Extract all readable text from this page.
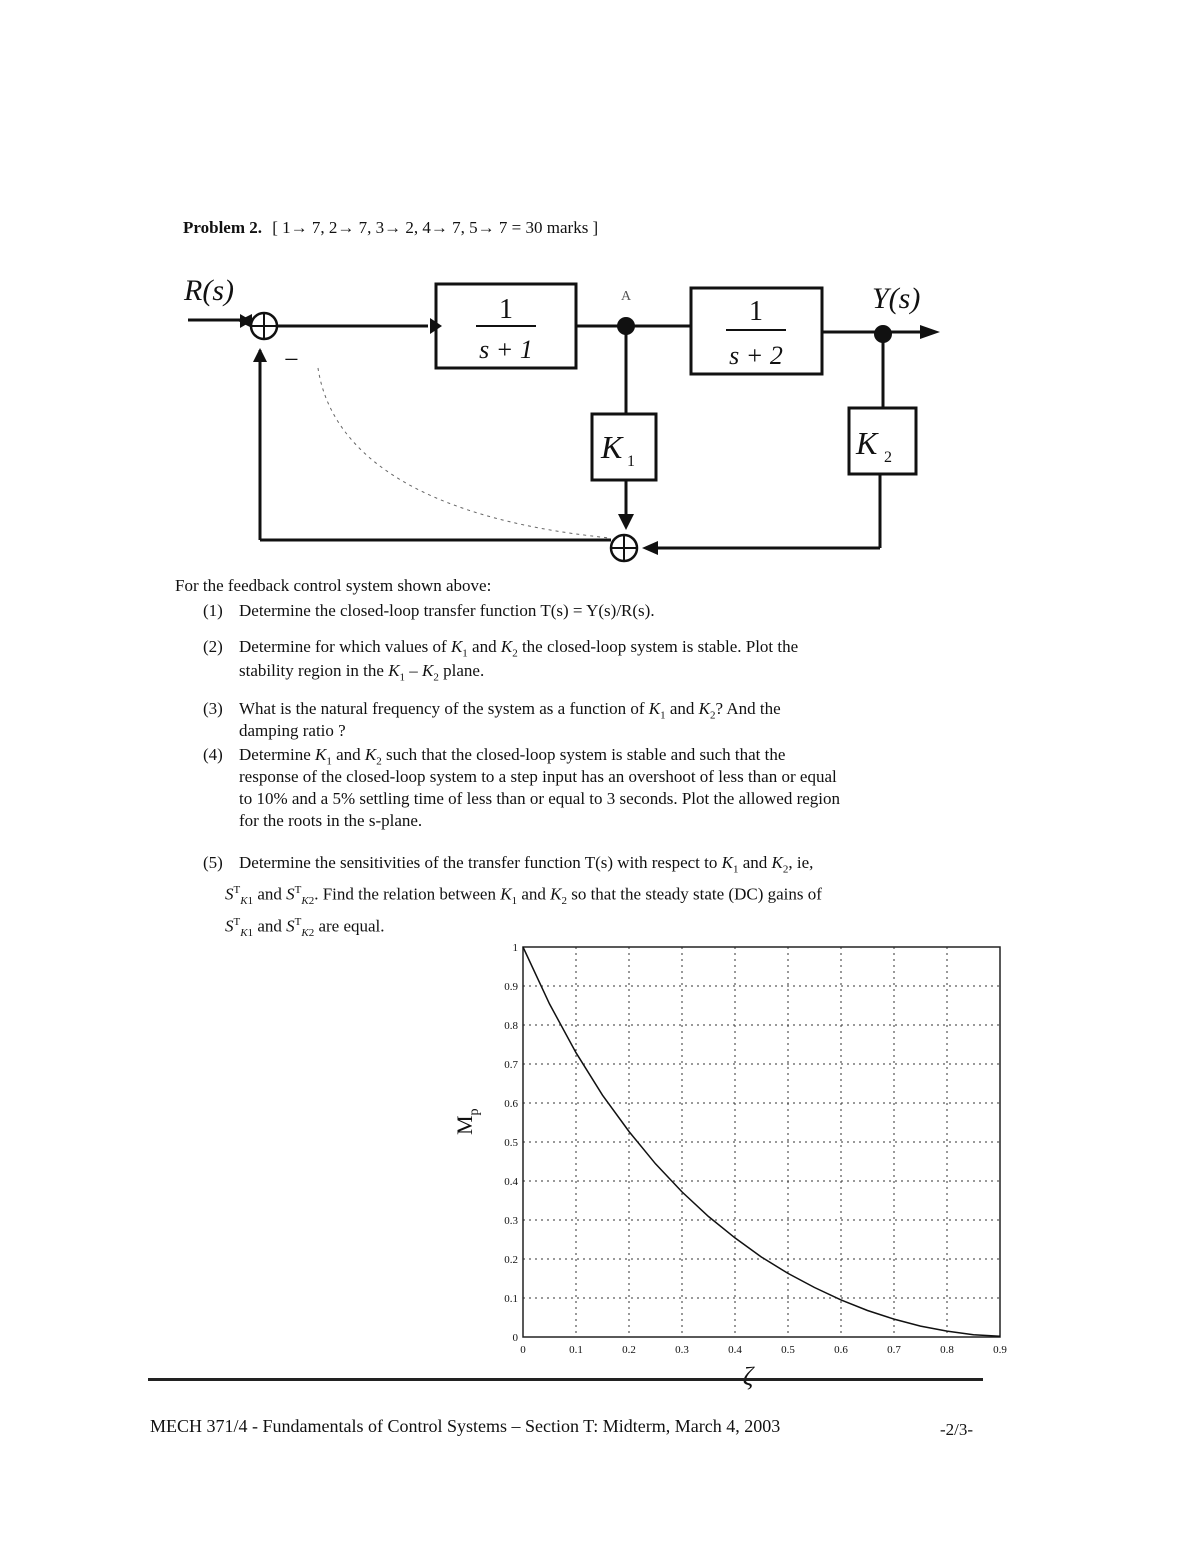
Problem 2. [ 1→ 7, 2→ 7, 3→ 2, 4→ 7, 5→ 7 = 30 marks ]
R(s)	Y(s)
A
−
1
s + 1
1
s + 2
K 1
K 2
For the feedback control system shown above:
(1) Determine the closed-loop transfer function T(s) = Y(s)/R(s).
(2) Determine for which values of $K_1$ and $K_2$ the closed-loop system is stable. Plot the
stability region in the $K_1 - K_2$ plane.
(3) What is the natural frequency of the system as a function of $K_1$ and $K_2$? And the
damping ratio ?
(4) Determine $K_1$ and $K_2$ such that the closed-loop system is stable and such that the
response of the closed-loop system to a step input has an overshoot of less than or equal
to 10% and a 5% settling time of less than or equal to 3 seconds. Plot the allowed region
for the roots in the s-plane.
(5) Determine the sensitivities of the transfer function T(s) with respect to $K_1$ and $K_2$, ie,
$S^T_{K1}$ and $S^T_{K2}$. Find the relation between $K_1$ and $K_2$ so that the steady state (DC) gains of
$S^T_{K1}$ and $S^T_{K2}$ are equal.
$M_p$
ζ
0	0.1	0.2	0.3	0.4	0.5	0.6	0.7	0.8	0.9
0
0.1
0.2
0.3
0.4
0.5
0.6
0.7
0.8
0.9
1
MECH 371/4 - Fundamentals of Control Systems – Section T: Midterm, March 4, 2003	-2/3-
